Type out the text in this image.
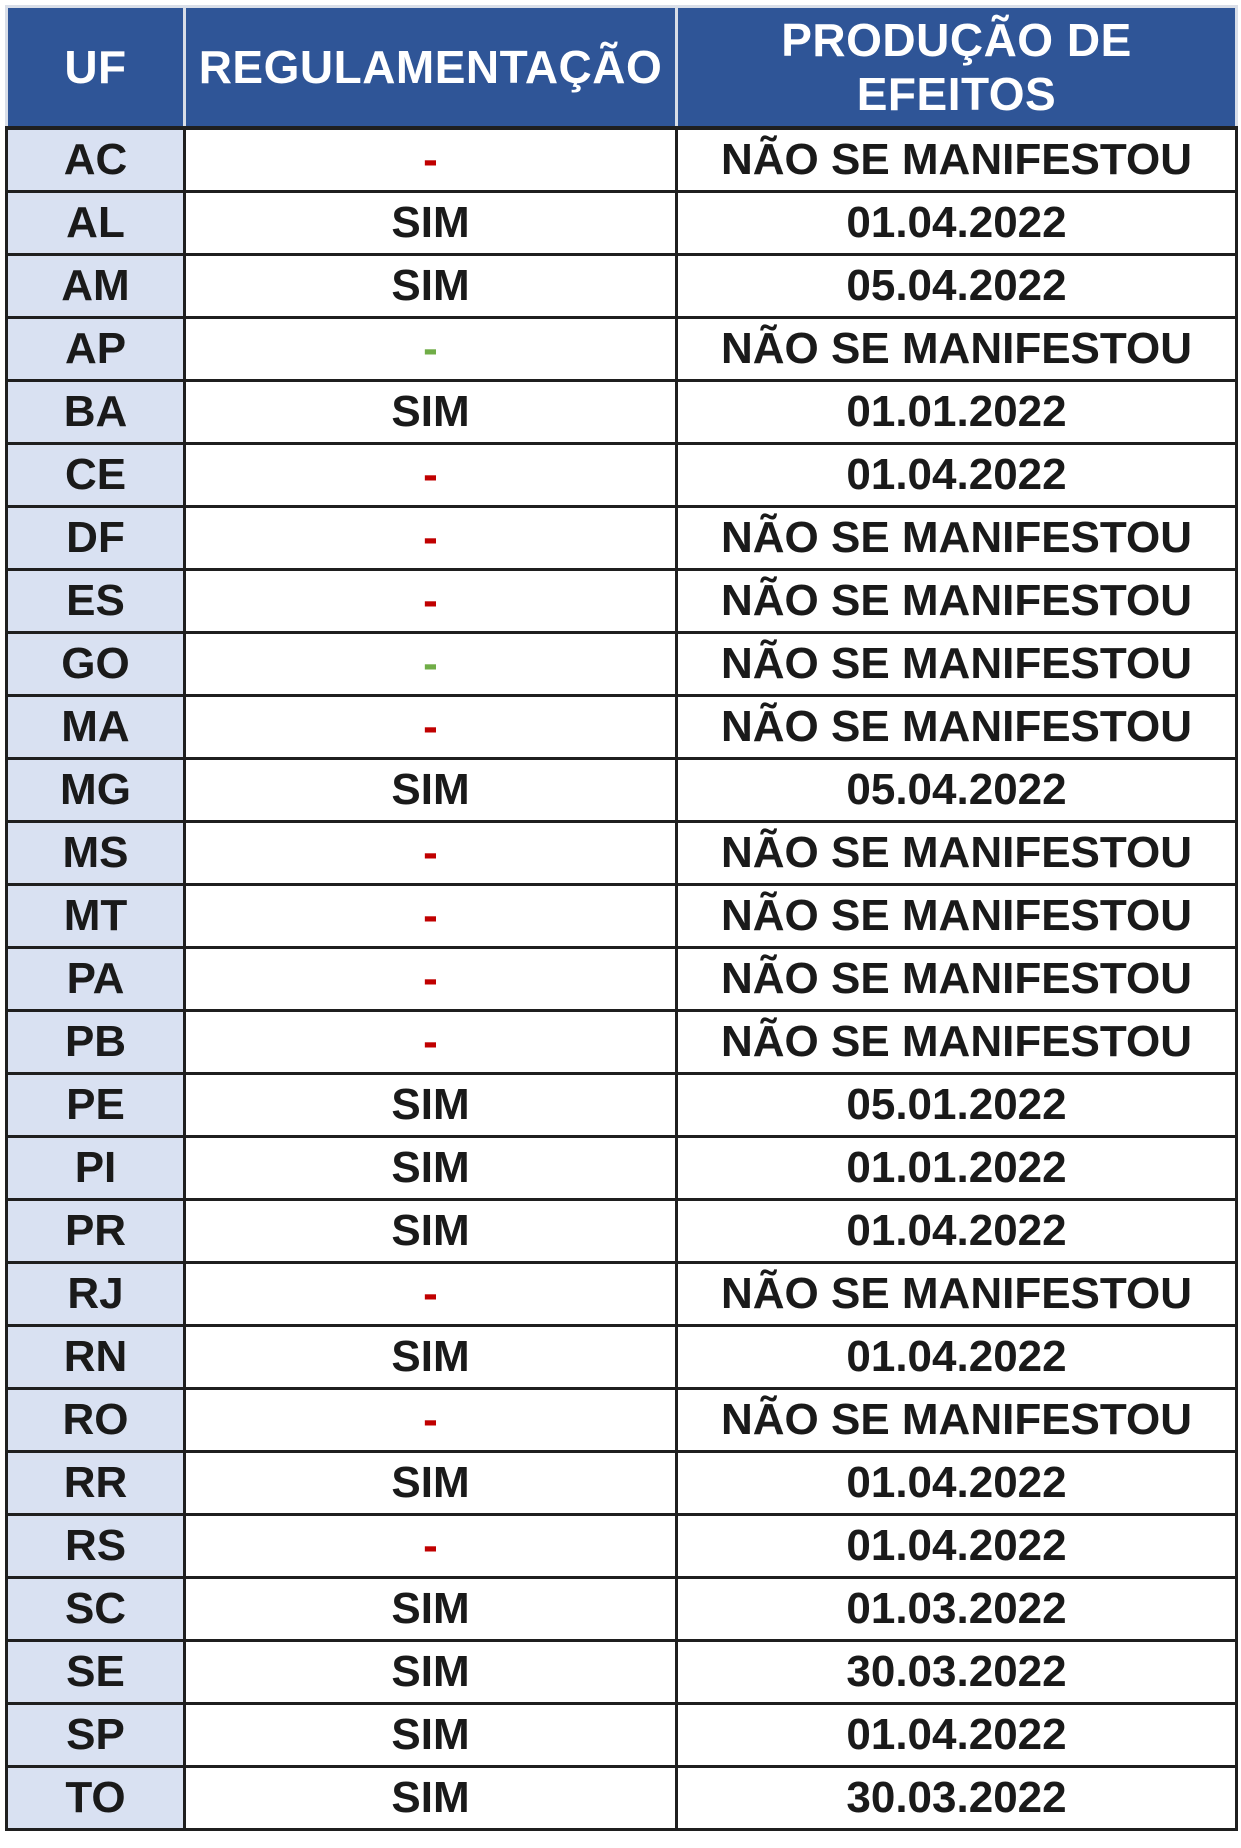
UF	REGULAMENTAÇÃO	PRODUÇÃO DE EFEITOS
AC	-	NÃO SE MANIFESTOU
AL	SIM	01.04.2022
AM	SIM	05.04.2022
AP	-	NÃO SE MANIFESTOU
BA	SIM	01.01.2022
CE	-	01.04.2022
DF	-	NÃO SE MANIFESTOU
ES	-	NÃO SE MANIFESTOU
GO	-	NÃO SE MANIFESTOU
MA	-	NÃO SE MANIFESTOU
MG	SIM	05.04.2022
MS	-	NÃO SE MANIFESTOU
MT	-	NÃO SE MANIFESTOU
PA	-	NÃO SE MANIFESTOU
PB	-	NÃO SE MANIFESTOU
PE	SIM	05.01.2022
PI	SIM	01.01.2022
PR	SIM	01.04.2022
RJ	-	NÃO SE MANIFESTOU
RN	SIM	01.04.2022
RO	-	NÃO SE MANIFESTOU
RR	SIM	01.04.2022
RS	-	01.04.2022
SC	SIM	01.03.2022
SE	SIM	30.03.2022
SP	SIM	01.04.2022
TO	SIM	30.03.2022
